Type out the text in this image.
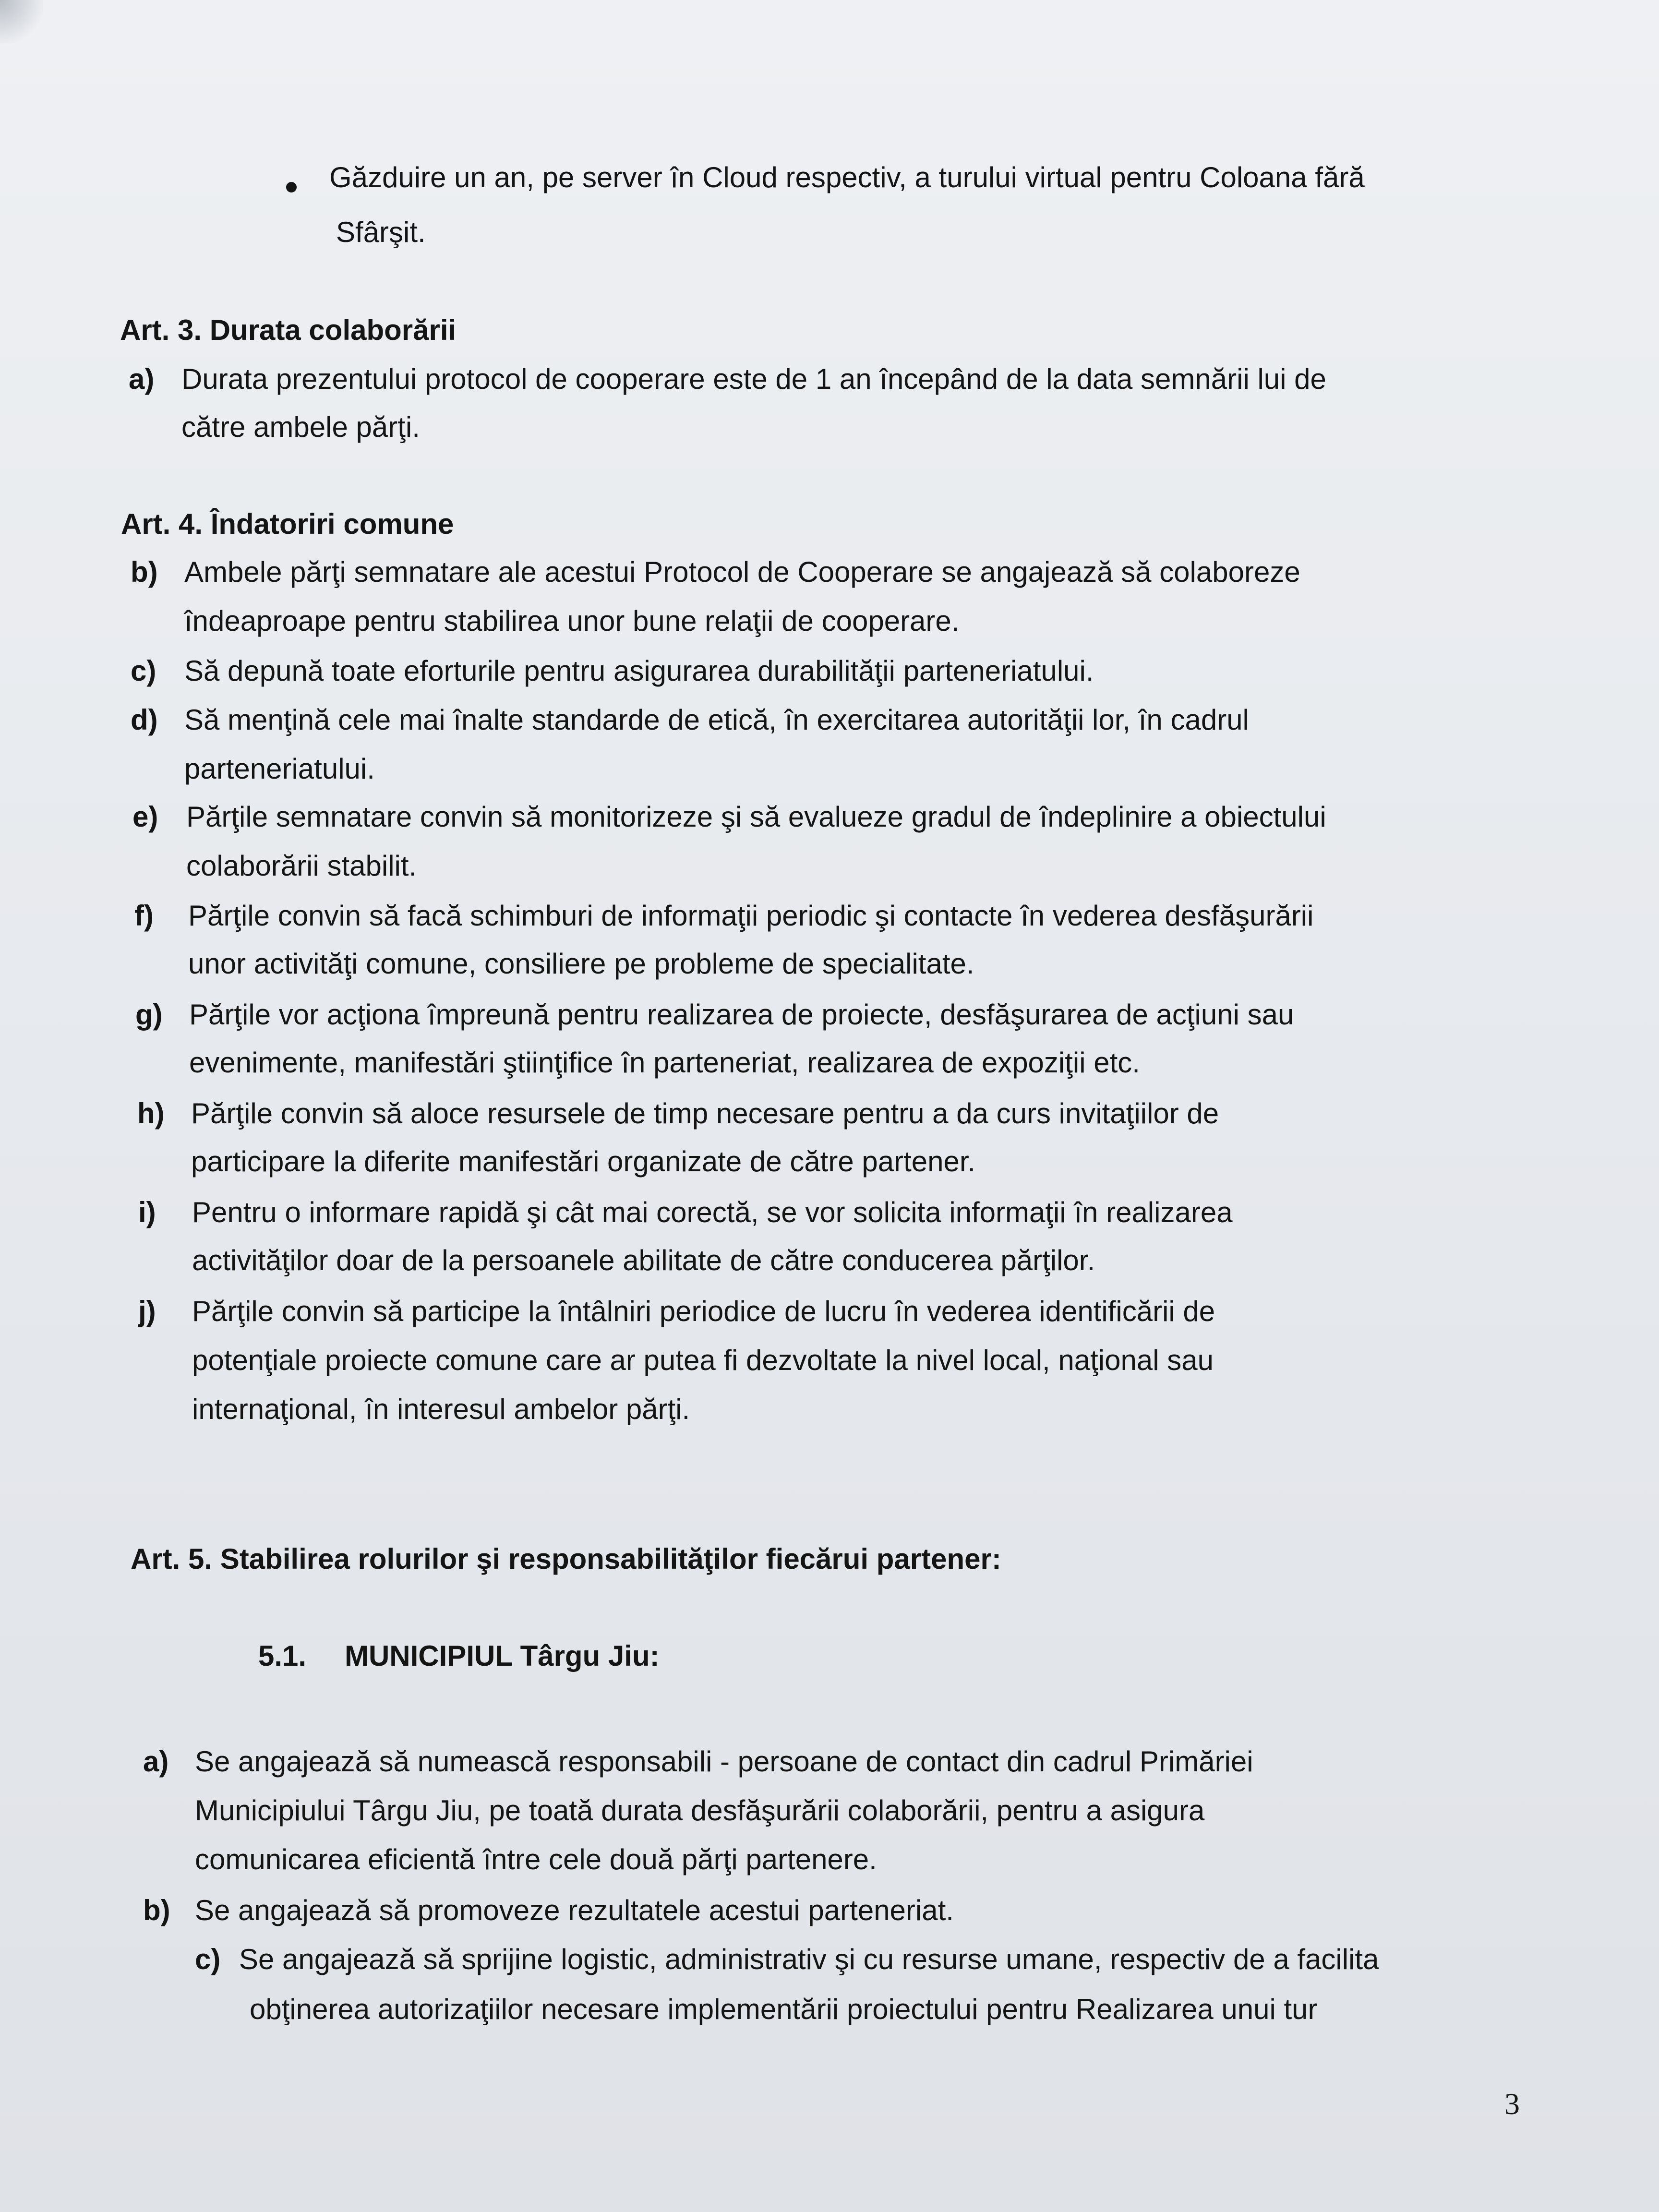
Găzduire un an, pe server în Cloud respectiv, a turului virtual pentru Coloana fără
Sfârşit.
Art. 3. Durata colaborării
a) Durata prezentului protocol de cooperare este de 1 an începând de la data semnării lui de
către ambele părţi.
Art. 4. Îndatoriri comune
b) Ambele părţi semnatare ale acestui Protocol de Cooperare se angajează să colaboreze
îndeaproape pentru stabilirea unor bune relaţii de cooperare.
c) Să depună toate eforturile pentru asigurarea durabilităţii parteneriatului.
d) Să menţină cele mai înalte standarde de etică, în exercitarea autorităţii lor, în cadrul
parteneriatului.
e) Părţile semnatare convin să monitorizeze şi să evalueze gradul de îndeplinire a obiectului
colaborării stabilit.
f) Părţile convin să facă schimburi de informaţii periodic şi contacte în vederea desfăşurării
unor activităţi comune, consiliere pe probleme de specialitate.
g) Părţile vor acţiona împreună pentru realizarea de proiecte, desfăşurarea de acţiuni sau
evenimente, manifestări ştiinţifice în parteneriat, realizarea de expoziţii etc.
h) Părţile convin să aloce resursele de timp necesare pentru a da curs invitaţiilor de
participare la diferite manifestări organizate de către partener.
i) Pentru o informare rapidă şi cât mai corectă, se vor solicita informaţii în realizarea
activităţilor doar de la persoanele abilitate de către conducerea părţilor.
j) Părţile convin să participe la întâlniri periodice de lucru în vederea identificării de
potenţiale proiecte comune care ar putea fi dezvoltate la nivel local, naţional sau
internaţional, în interesul ambelor părţi.
Art. 5. Stabilirea rolurilor şi responsabilităţilor fiecărui partener:
5.1. MUNICIPIUL Târgu Jiu:
a) Se angajează să numească responsabili - persoane de contact din cadrul Primăriei
Municipiului Târgu Jiu, pe toată durata desfăşurării colaborării, pentru a asigura
comunicarea eficientă între cele două părţi partenere.
b) Se angajează să promoveze rezultatele acestui parteneriat.
c) Se angajează să sprijine logistic, administrativ şi cu resurse umane, respectiv de a facilita
obţinerea autorizaţiilor necesare implementării proiectului pentru Realizarea unui tur
3
